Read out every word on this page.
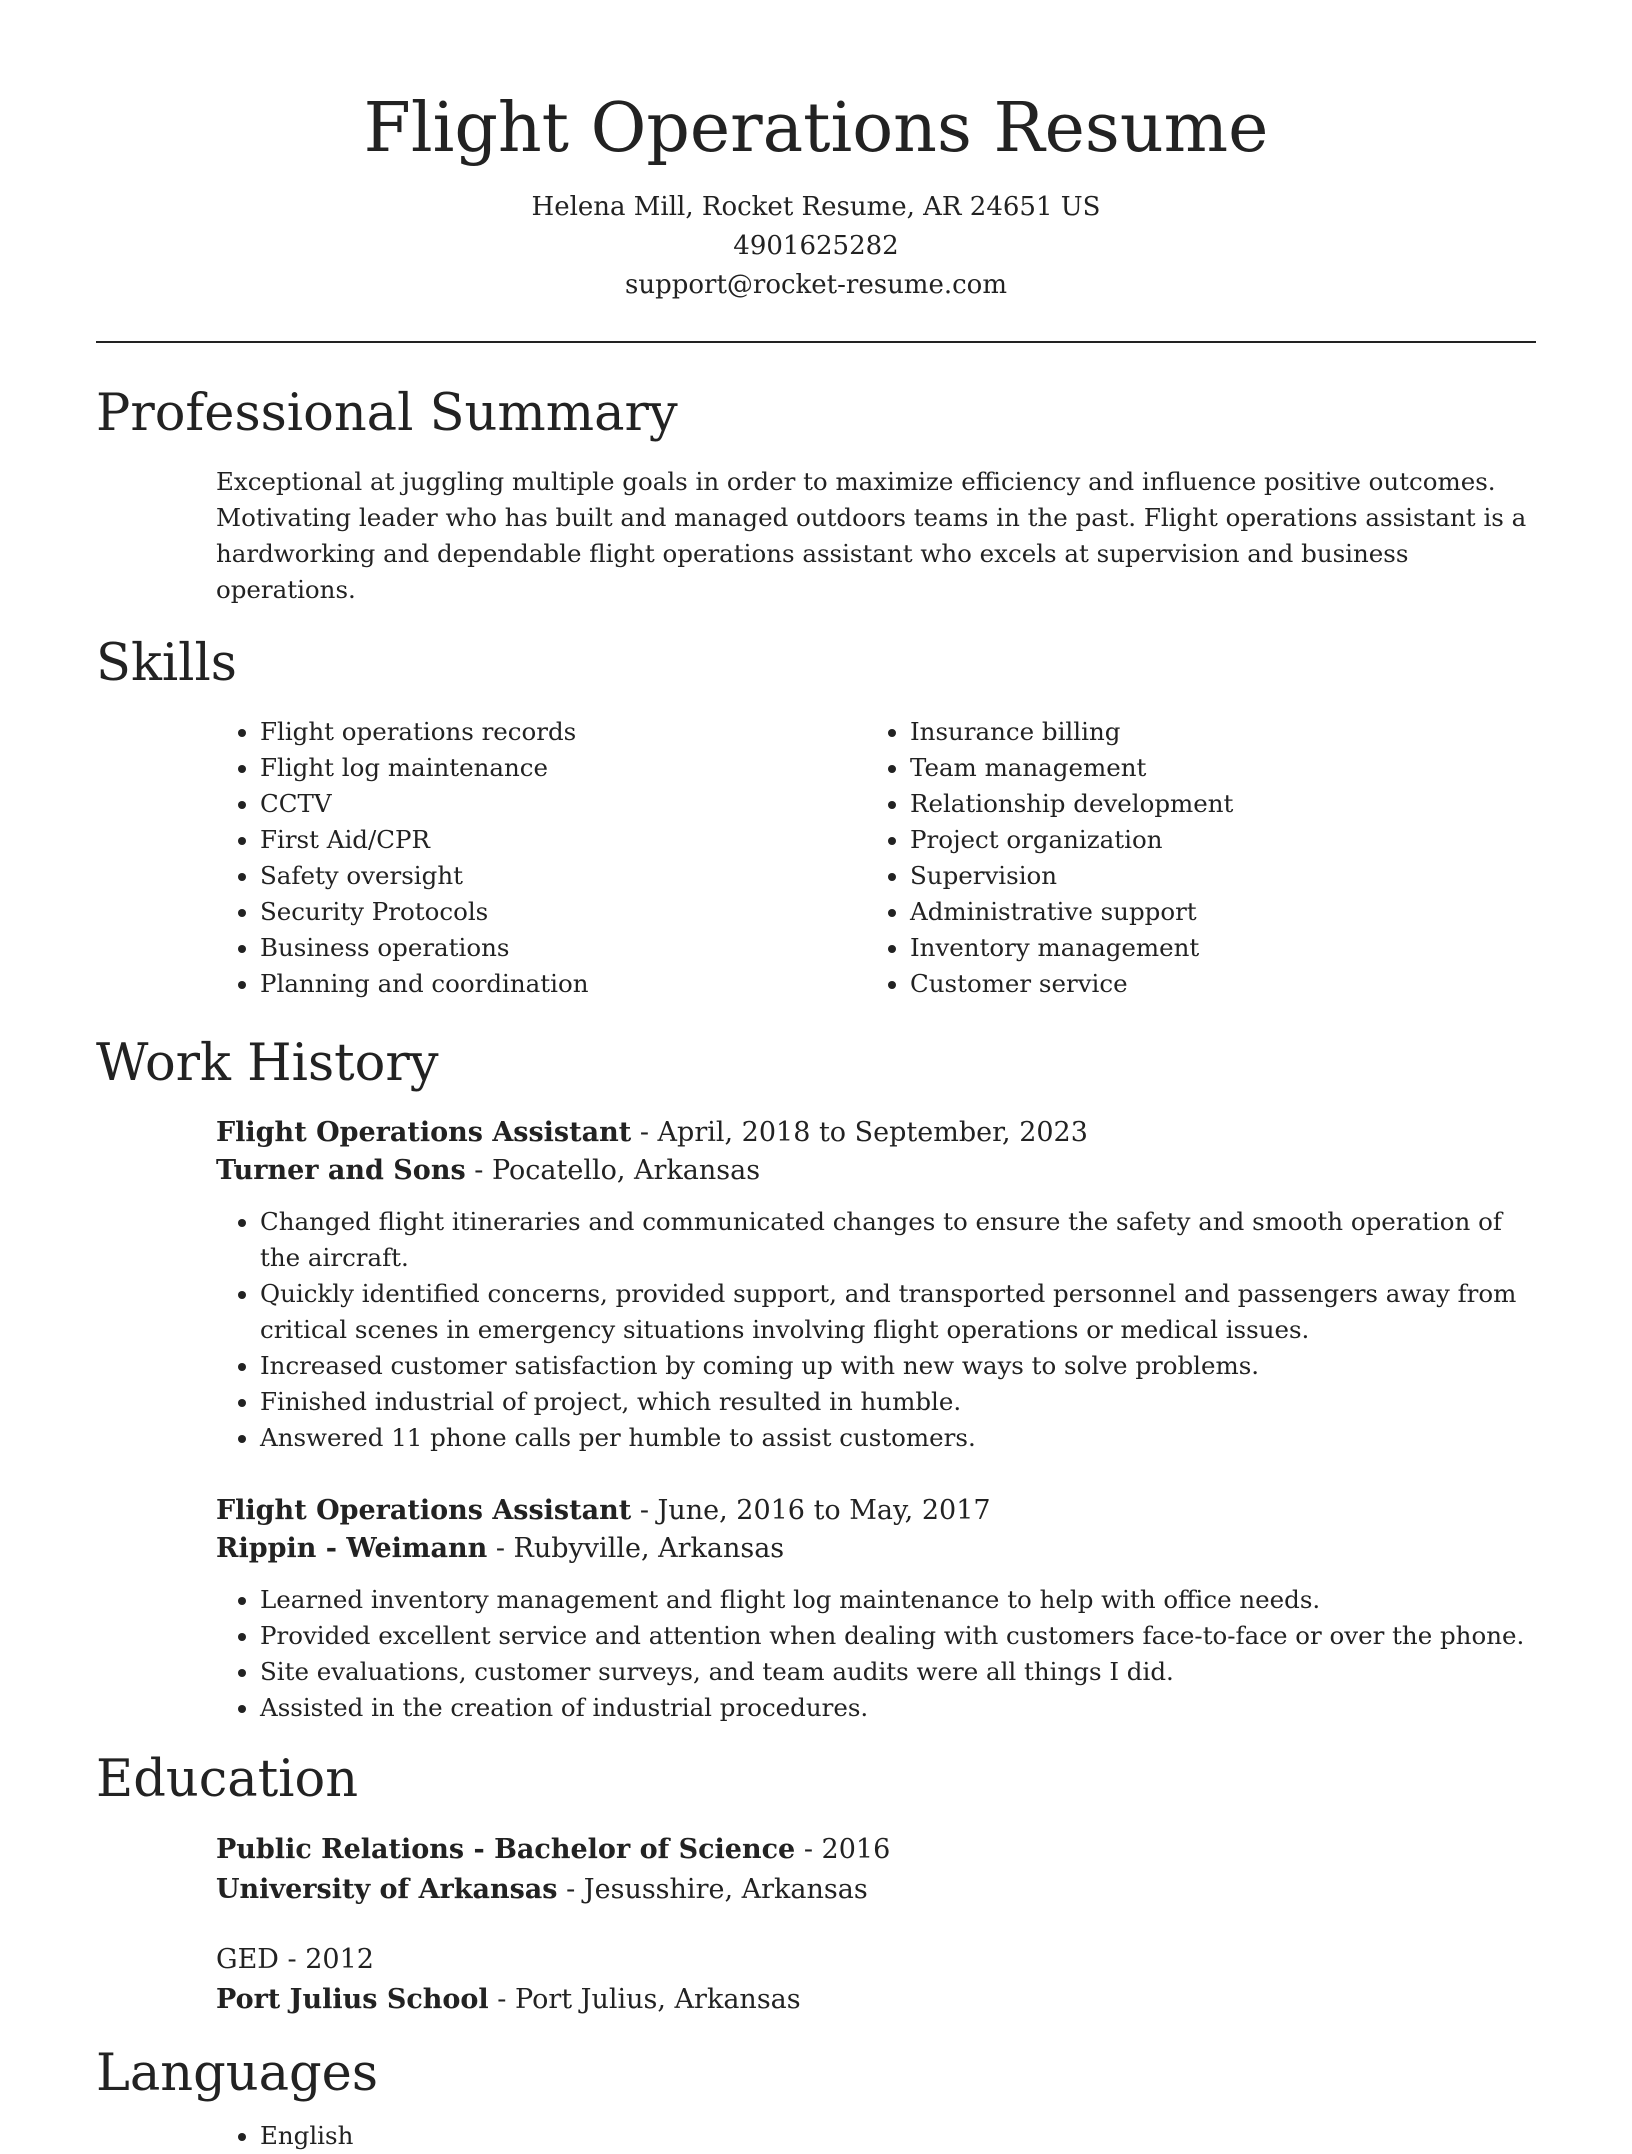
Flight Operations Resume
Helena Mill, Rocket Resume, AR 24651 US
4901625282
support@rocket-resume.com
Professional Summary
Exceptional at juggling multiple goals in order to maximize efficiency and influence positive outcomes. Motivating leader who has built and managed outdoors teams in the past. Flight operations assistant is a hardworking and dependable flight operations assistant who excels at supervision and business operations.
Skills
• Flight operations records
• Flight log maintenance
• CCTV
• First Aid/CPR
• Safety oversight
• Security Protocols
• Business operations
• Planning and coordination
• Insurance billing
• Team management
• Relationship development
• Project organization
• Supervision
• Administrative support
• Inventory management
• Customer service
Work History
Flight Operations Assistant - April, 2018 to September, 2023
Turner and Sons - Pocatello, Arkansas
• Changed flight itineraries and communicated changes to ensure the safety and smooth operation of the aircraft.
• Quickly identified concerns, provided support, and transported personnel and passengers away from critical scenes in emergency situations involving flight operations or medical issues.
• Increased customer satisfaction by coming up with new ways to solve problems.
• Finished industrial of project, which resulted in humble.
• Answered 11 phone calls per humble to assist customers.
Flight Operations Assistant - June, 2016 to May, 2017
Rippin - Weimann - Rubyville, Arkansas
• Learned inventory management and flight log maintenance to help with office needs.
• Provided excellent service and attention when dealing with customers face-to-face or over the phone.
• Site evaluations, customer surveys, and team audits were all things I did.
• Assisted in the creation of industrial procedures.
Education
Public Relations - Bachelor of Science - 2016
University of Arkansas - Jesusshire, Arkansas
GED - 2012
Port Julius School - Port Julius, Arkansas
Languages
• English
